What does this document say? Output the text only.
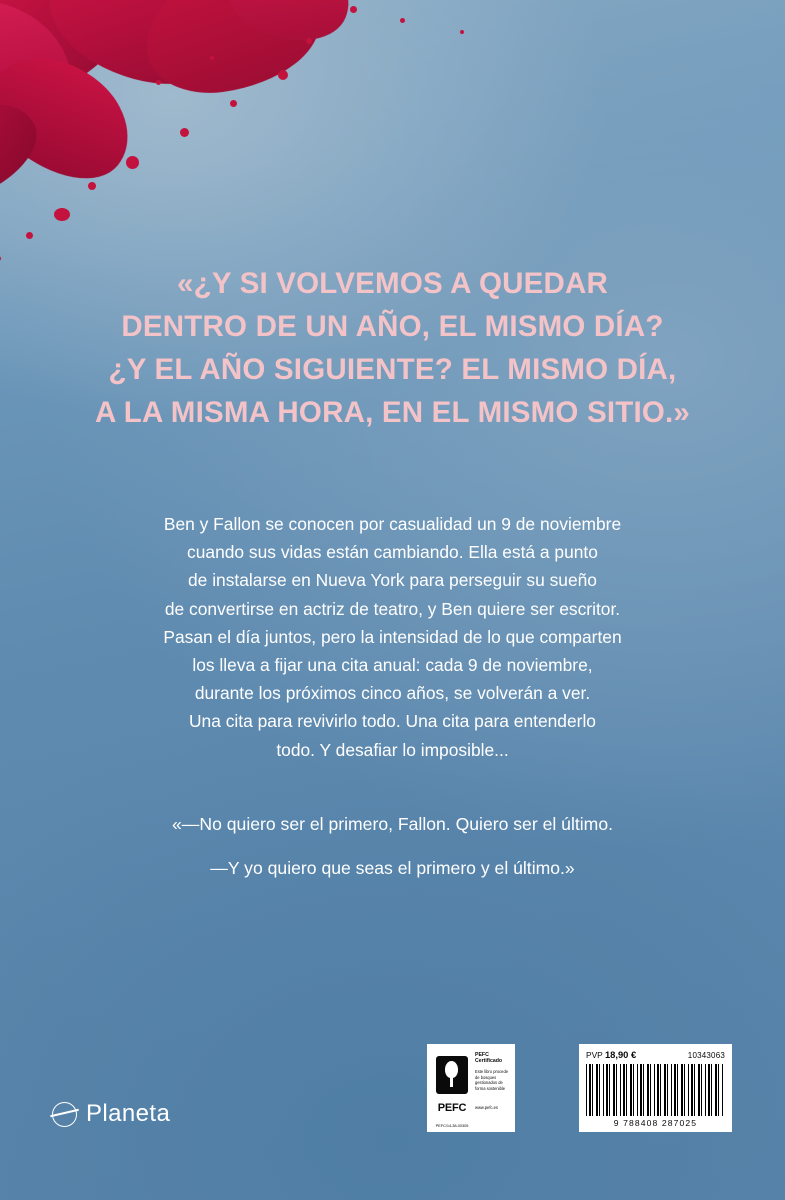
«¿Y SI VOLVEMOS A QUEDAR
DENTRO DE UN AÑO, EL MISMO DÍA?
¿Y EL AÑO SIGUIENTE? EL MISMO DÍA,
A LA MISMA HORA, EN EL MISMO SITIO.»
Ben y Fallon se conocen por casualidad un 9 de noviembre
cuando sus vidas están cambiando. Ella está a punto
de instalarse en Nueva York para perseguir su sueño
de convertirse en actriz de teatro, y Ben quiere ser escritor.
Pasan el día juntos, pero la intensidad de lo que comparten
los lleva a fijar una cita anual: cada 9 de noviembre,
durante los próximos cinco años, se volverán a ver.
Una cita para revivirlo todo. Una cita para entenderlo
todo. Y desafiar lo imposible...
«—No quiero ser el primero, Fallon. Quiero ser el último.
—Y yo quiero que seas el primero y el último.»
Planeta	PEFC
PEFC/14-38-00305
PEFC Certificado
Este libro procede de bosques gestionados de forma sostenible
www.pefc.es
PVP 18,90 €	10343063
9 788408 287025
